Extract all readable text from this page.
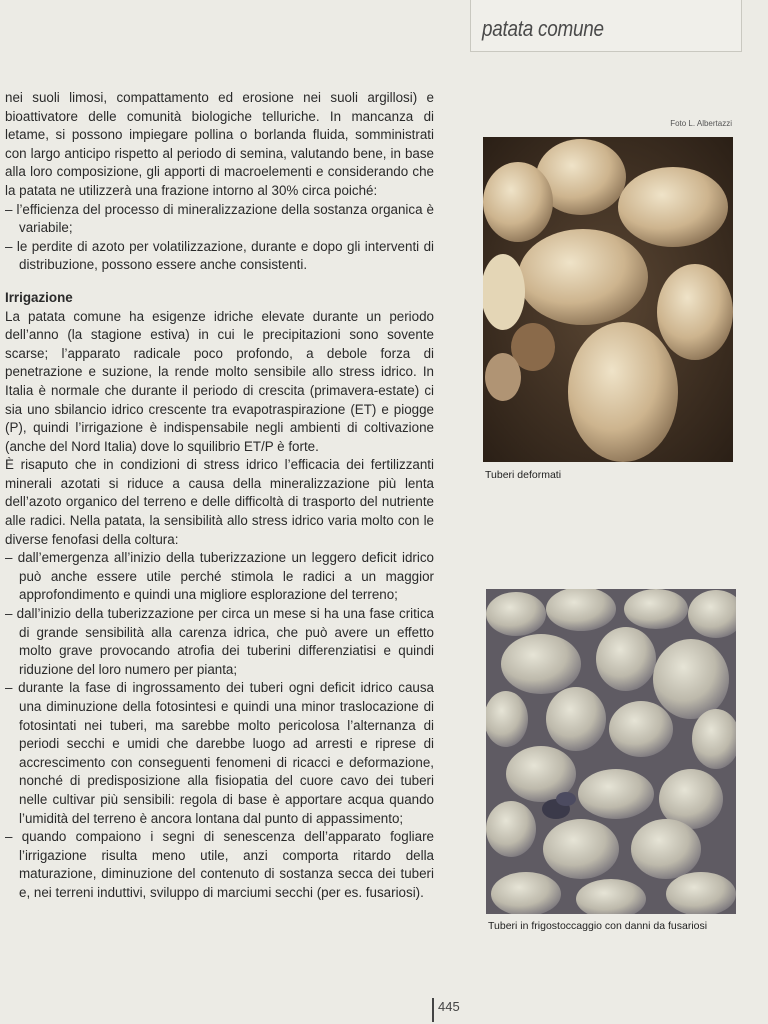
patata comune

nei suoli limosi, compattamento ed erosione nei suoli argillosi) e bioattivatore delle comunità biologiche telluriche. In mancanza di letame, si possono impiegare pollina o borlanda fluida, somministrati con largo anticipo rispetto al periodo di semina, valutando bene, in base alla loro composizione, gli apporti di macroelementi e considerando che la patata ne utilizzerà una frazione intorno al 30% circa poiché:

– l’efficienza del processo di mineralizzazione della sostanza organica è variabile;
– le perdite di azoto per volatilizzazione, durante e dopo gli interventi di distribuzione, possono essere anche consistenti.

Irrigazione

La patata comune ha esigenze idriche elevate durante un periodo dell’anno (la stagione estiva) in cui le precipitazioni sono sovente scarse; l’apparato radicale poco profondo, a debole forza di penetrazione e suzione, la rende molto sensibile allo stress idrico. In Italia è normale che durante il periodo di crescita (primavera-estate) ci sia uno sbilancio idrico crescente tra evapotraspirazione (ET) e piogge (P), quindi l’irrigazione è indispensabile negli ambienti di coltivazione (anche del Nord Italia) dove lo squilibrio ET/P è forte.

È risaputo che in condizioni di stress idrico l’efficacia dei fertilizzanti minerali azotati si riduce a causa della mineralizzazione più lenta dell’azoto organico del terreno e delle difficoltà di trasporto del nutriente alle radici. Nella patata, la sensibilità allo stress idrico varia molto con le diverse fenofasi della coltura:

– dall’emergenza all’inizio della tuberizzazione un leggero deficit idrico può anche essere utile perché stimola le radici a un maggior approfondimento e quindi una migliore esplorazione del terreno;
– dall’inizio della tuberizzazione per circa un mese si ha una fase critica di grande sensibilità alla carenza idrica, che può avere un effetto molto grave provocando atrofia dei tuberini differenziatisi e quindi riduzione del loro numero per pianta;
– durante la fase di ingrossamento dei tuberi ogni deficit idrico causa una diminuzione della fotosintesi e quindi una minor traslocazione di fotosintati nei tuberi, ma sarebbe molto pericolosa l’alternanza di periodi secchi e umidi che darebbe luogo ad arresti e riprese di accrescimento con conseguenti fenomeni di ricacci e deformazione, nonché di predisposizione alla fisiopatia del cuore cavo dei tuberi nelle cultivar più sensibili: regola di base è apportare acqua quando l’umidità del terreno è ancora lontana dal punto di appassimento;
– quando compaiono i segni di senescenza dell’apparato fogliare l’irrigazione risulta meno utile, anzi comporta ritardo della maturazione, diminuzione del contenuto di sostanza secca dei tuberi e, nei terreni induttivi, sviluppo di marciumi secchi (per es. fusariosi).
Foto L. Albertazzi
Tuberi deformati
Tuberi in frigostoccaggio con danni da fusariosi
445
